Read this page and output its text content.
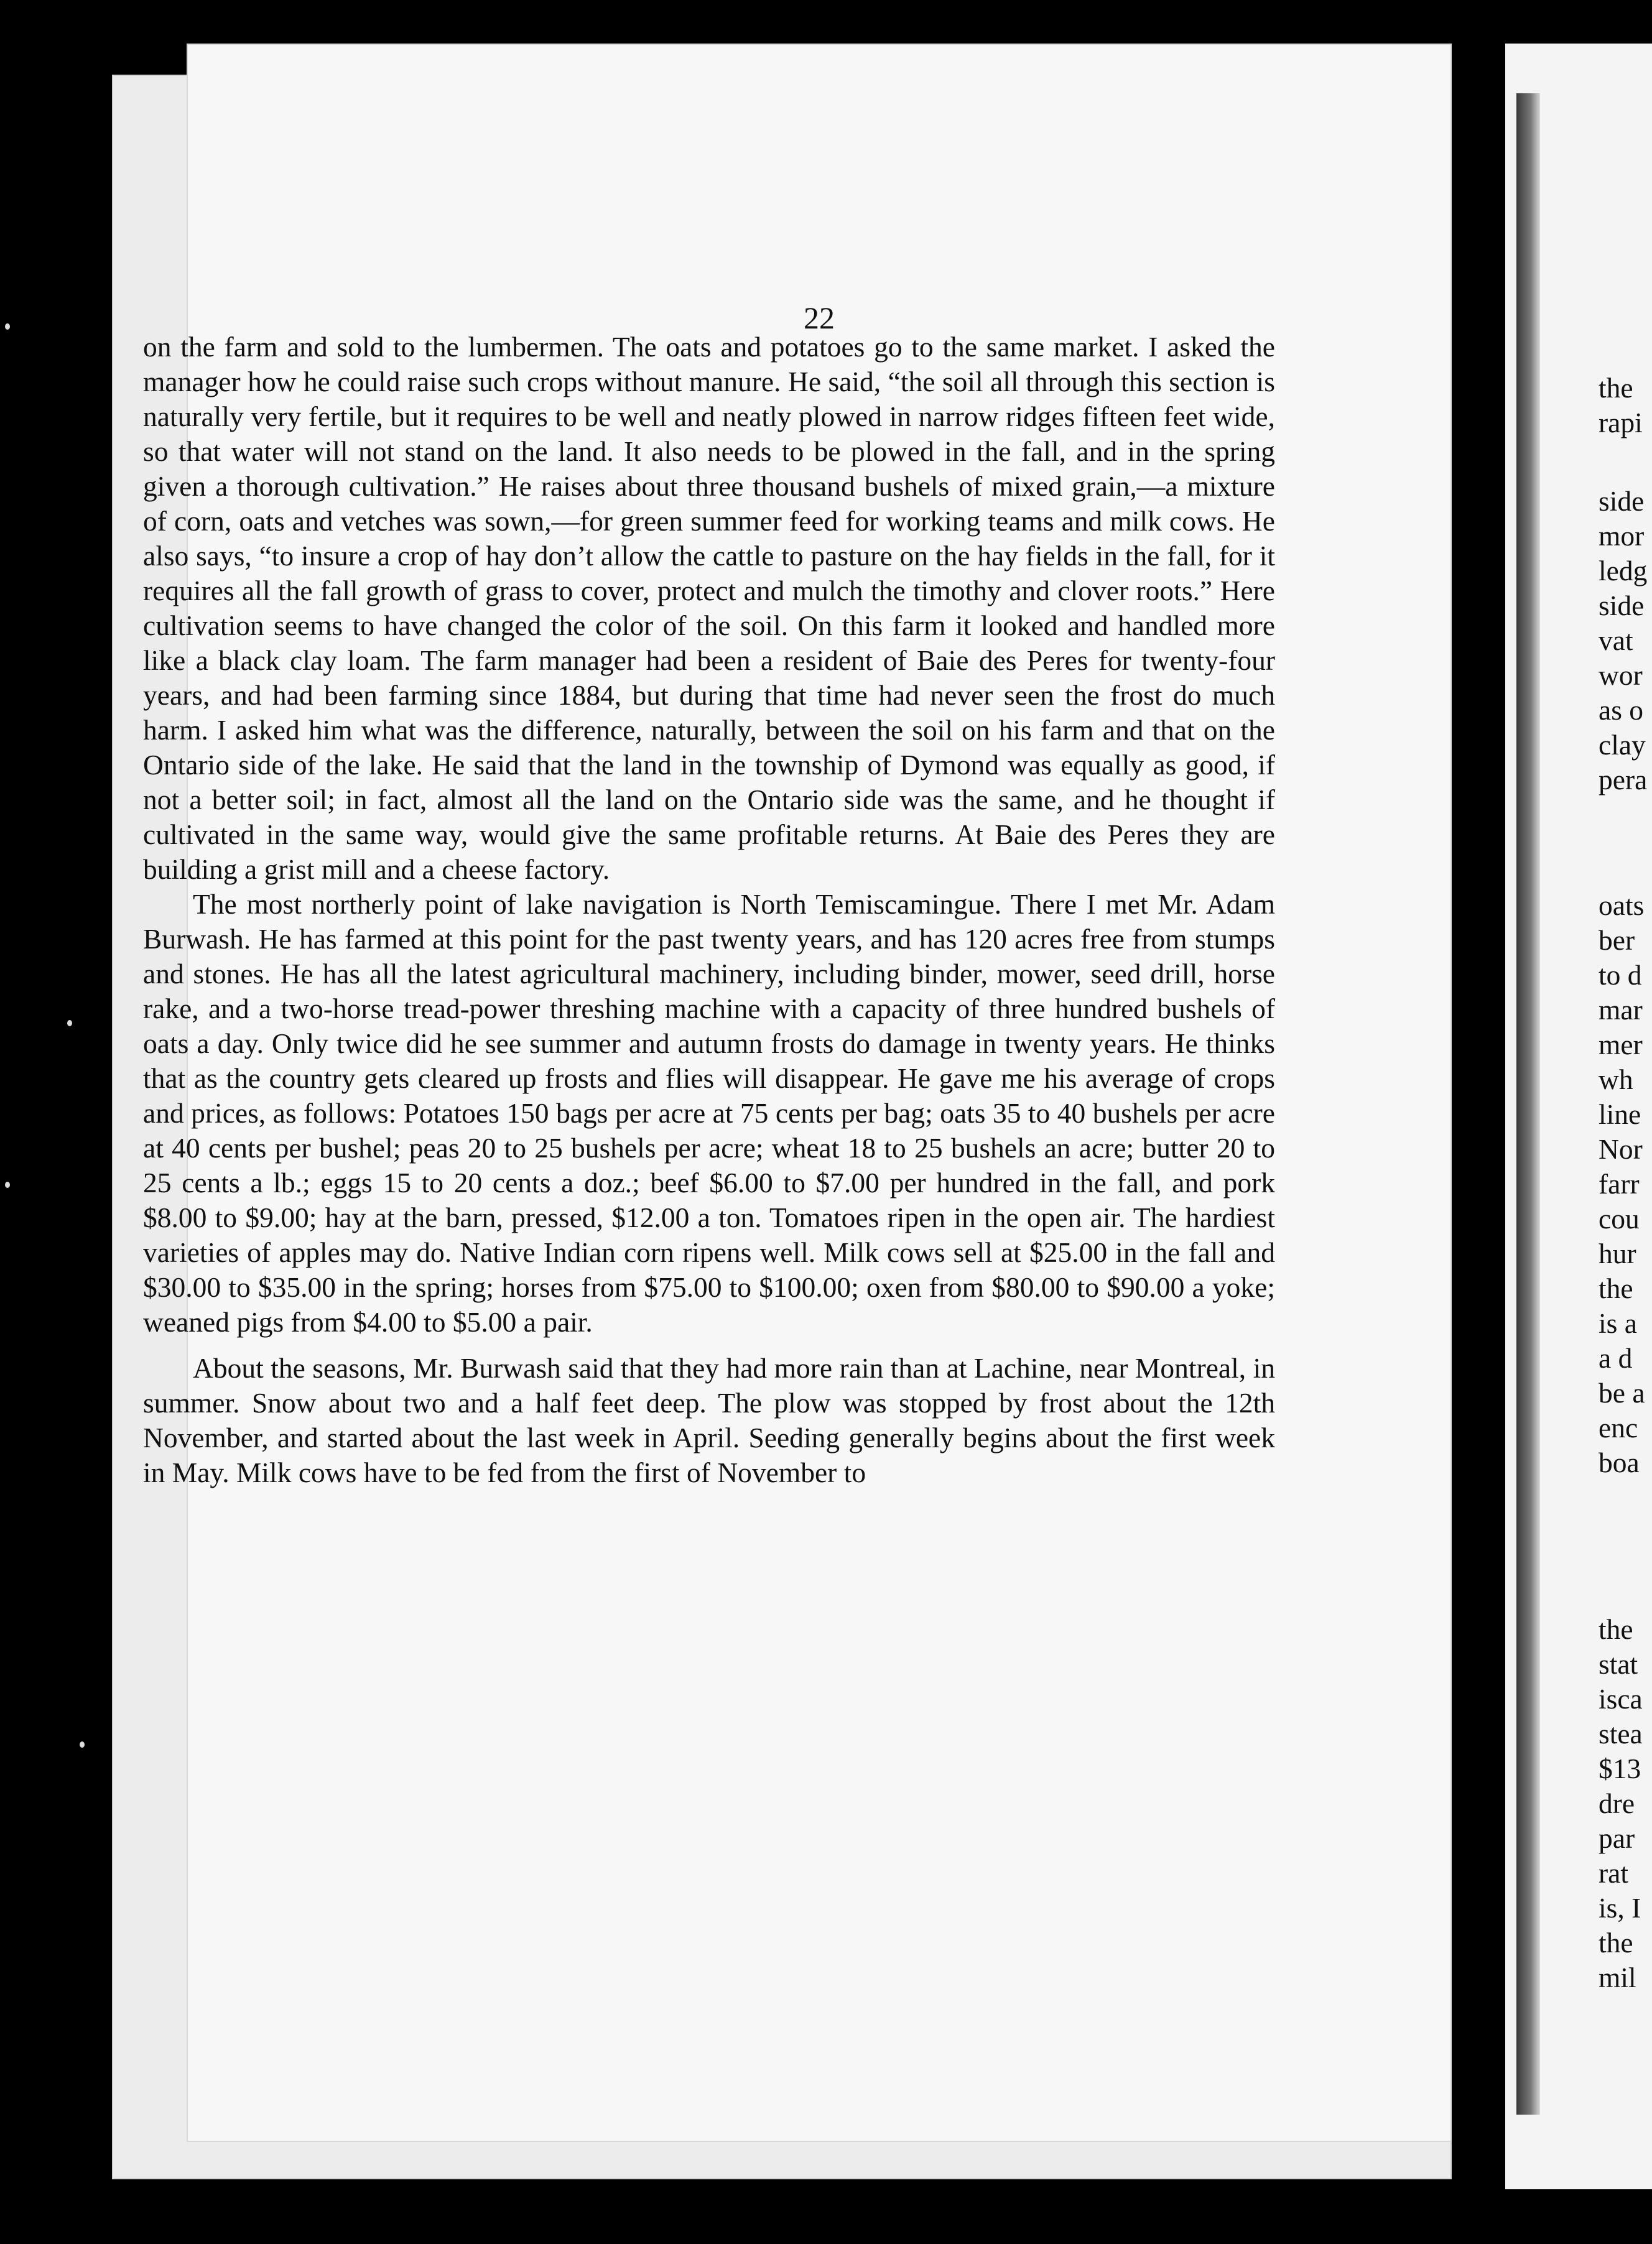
22

on the farm and sold to the lumbermen. The oats and potatoes go to the same market. I asked the manager how he could raise such crops without manure. He said, “the soil all through this section is naturally very fertile, but it requires to be well and neatly plowed in narrow ridges fifteen feet wide, so that water will not stand on the land. It also needs to be plowed in the fall, and in the spring given a thorough cultivation.” He raises about three thousand bushels of mixed grain,—a mixture of corn, oats and vetches was sown,—for green summer feed for working teams and milk cows. He also says, “to insure a crop of hay don’t allow the cattle to pasture on the hay fields in the fall, for it requires all the fall growth of grass to cover, protect and mulch the timothy and clover roots.” Here cultivation seems to have changed the color of the soil. On this farm it looked and handled more like a black clay loam. The farm manager had been a resident of Baie des Peres for twenty-four years, and had been farming since 1884, but during that time had never seen the frost do much harm. I asked him what was the difference, naturally, between the soil on his farm and that on the Ontario side of the lake. He said that the land in the township of Dymond was equally as good, if not a better soil; in fact, almost all the land on the Ontario side was the same, and he thought if cultivated in the same way, would give the same profitable returns. At Baie des Peres they are building a grist mill and a cheese factory.

The most northerly point of lake navigation is North Temiscamingue. There I met Mr. Adam Burwash. He has farmed at this point for the past twenty years, and has 120 acres free from stumps and stones. He has all the latest agricultural machinery, including binder, mower, seed drill, horse rake, and a two-horse tread-power threshing machine with a capacity of three hundred bushels of oats a day. Only twice did he see summer and autumn frosts do damage in twenty years. He thinks that as the country gets cleared up frosts and flies will disappear. He gave me his average of crops and prices, as follows: Potatoes 150 bags per acre at 75 cents per bag; oats 35 to 40 bushels per acre at 40 cents per bushel; peas 20 to 25 bushels per acre; wheat 18 to 25 bushels an acre; butter 20 to 25 cents a lb.; eggs 15 to 20 cents a doz.; beef $6.00 to $7.00 per hundred in the fall, and pork $8.00 to $9.00; hay at the barn, pressed, $12.00 a ton. Tomatoes ripen in the open air. The hardiest varieties of apples may do. Native Indian corn ripens well. Milk cows sell at $25.00 in the fall and $30.00 to $35.00 in the spring; horses from $75.00 to $100.00; oxen from $80.00 to $90.00 a yoke; weaned pigs from $4.00 to $5.00 a pair.

About the seasons, Mr. Burwash said that they had more rain than at Lachine, near Montreal, in summer. Snow about two and a half feet deep. The plow was stopped by frost about the 12th November, and started about the last week in April. Seeding generally begins about the first week in May. Milk cows have to be fed from the first of November to

the
rapi
side
mor
ledg
side
vat
wor
as o
clay
pera
oats
ber
to d
mar
mer
wh
line
Nor
farr
cou
hur
the
is a
a d
be a
enc
boa
the
stat
isca
stea
$13
dre
par
rat
is, I
the
mil
